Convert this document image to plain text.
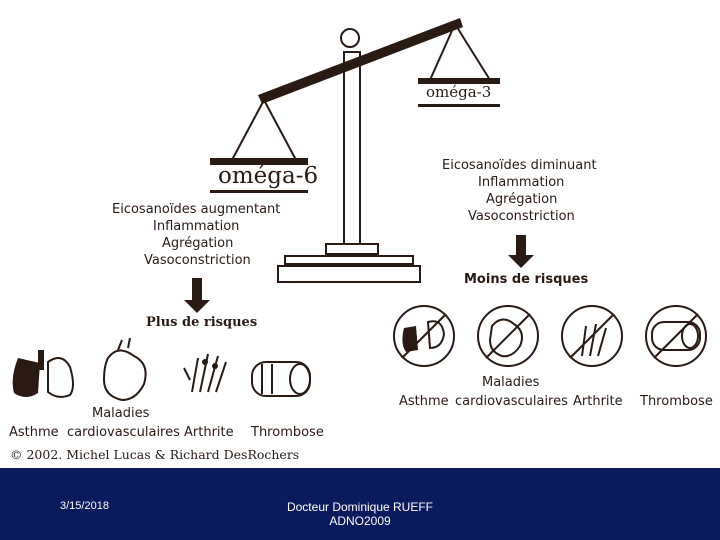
oméga-3
oméga-6	Eicosanoïdes diminuant
Inflammation
Agrégation
Vasoconstriction
Eicosanoïdes augmentant
Inflammation
Agrégation
Vasoconstriction
Moins de risques
Plus de risques
Maladies
Asthme cardiovasculaires Arthrite Thrombose
Maladies
Asthme cardiovasculaires Arthrite Thrombose
© 2002. Michel Lucas & Richard DesRochers
3/15/2018	Docteur Dominique RUEFF
ADNO2009
